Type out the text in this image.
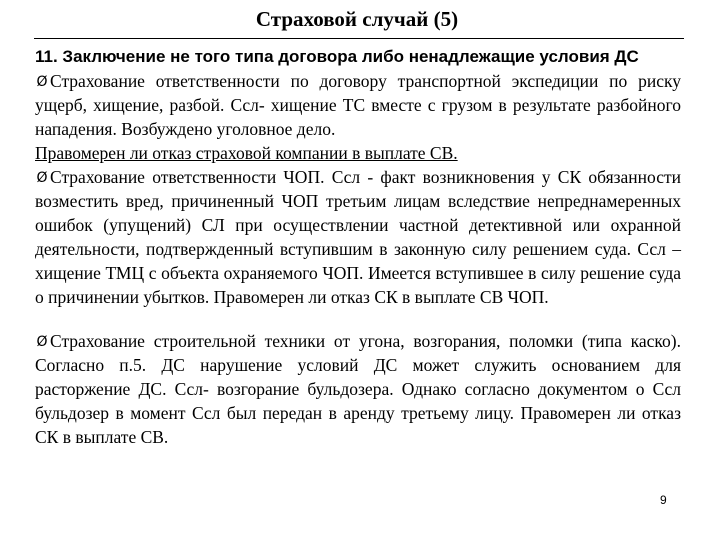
Страховой случай (5)

11. Заключение не того типа договора либо ненадлежащие условия ДС

Ø Страхование ответственности по договору транспортной экспедиции по риску ущерб, хищение, разбой. Ссл- хищение ТС вместе с грузом в результате разбойного нападения. Возбуждено уголовное дело.

Правомерен ли отказ страховой компании в выплате СВ.

Ø Страхование ответственности ЧОП. Ссл - факт возникновения у СК обязанности возместить вред, причиненный ЧОП третьим лицам вследствие непреднамеренных ошибок (упущений) СЛ при осуществлении частной детективной или охранной деятельности, подтвержденный вступившим в законную силу решением суда. Ссл – хищение ТМЦ с объекта охраняемого ЧОП. Имеется вступившее в силу решение суда о причинении убытков. Правомерен ли отказ СК в выплате СВ ЧОП.

Ø Страхование строительной техники от угона, возгорания, поломки (типа каско). Согласно п.5. ДС нарушение условий ДС может служить основанием для расторжение ДС. Ссл- возгорание бульдозера. Однако согласно документом о Ссл бульдозер в момент Ссл был передан в аренду третьему лицу. Правомерен ли отказ СК в выплате СВ.

9
